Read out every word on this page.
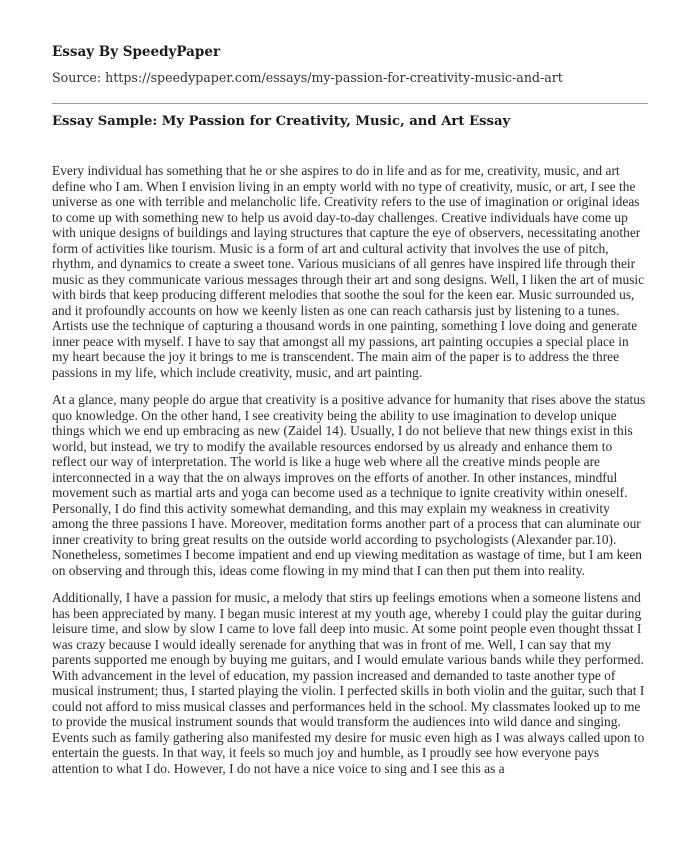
Essay By SpeedyPaper
Source: https://speedypaper.com/essays/my-passion-for-creativity-music-and-art
Essay Sample: My Passion for Creativity, Music, and Art Essay

Every individual has something that he or she aspires to do in life and as for me, creativity, music, and art define who I am. When I envision living in an empty world with no type of creativity, music, or art, I see the universe as one with terrible and melancholic life. Creativity refers to the use of imagination or original ideas to come up with something new to help us avoid day-to-day challenges. Creative individuals have come up with unique designs of buildings and laying structures that capture the eye of observers, necessitating another form of activities like tourism. Music is a form of art and cultural activity that involves the use of pitch, rhythm, and dynamics to create a sweet tone. Various musicians of all genres have inspired life through their music as they communicate various messages through their art and song designs. Well, I liken the art of music with birds that keep producing different melodies that soothe the soul for the keen ear. Music surrounded us, and it profoundly accounts on how we keenly listen as one can reach catharsis just by listening to a tunes. Artists use the technique of capturing a thousand words in one painting, something I love doing and generate inner peace with myself. I have to say that amongst all my passions, art painting occupies a special place in my heart because the joy it brings to me is transcendent. The main aim of the paper is to address the three passions in my life, which include creativity, music, and art painting.

At a glance, many people do argue that creativity is a positive advance for humanity that rises above the status quo knowledge. On the other hand, I see creativity being the ability to use imagination to develop unique things which we end up embracing as new (Zaidel 14). Usually, I do not believe that new things exist in this world, but instead, we try to modify the available resources endorsed by us already and enhance them to reflect our way of interpretation. The world is like a huge web where all the creative minds people are interconnected in a way that the on always improves on the efforts of another. In other instances, mindful movement such as martial arts and yoga can become used as a technique to ignite creativity within oneself. Personally, I do find this activity somewhat demanding, and this may explain my weakness in creativity among the three passions I have. Moreover, meditation forms another part of a process that can aluminate our inner creativity to bring great results on the outside world according to psychologists (Alexander par.10). Nonetheless, sometimes I become impatient and end up viewing meditation as wastage of time, but I am keen on observing and through this, ideas come flowing in my mind that I can then put them into reality.

Additionally, I have a passion for music, a melody that stirs up feelings emotions when a someone listens and has been appreciated by many. I began music interest at my youth age, whereby I could play the guitar during leisure time, and slow by slow I came to love fall deep into music. At some point people even thought thssat I was crazy because I would ideally serenade for anything that was in front of me. Well, I can say that my parents supported me enough by buying me guitars, and I would emulate various bands while they performed. With advancement in the level of education, my passion increased and demanded to taste another type of musical instrument; thus, I started playing the violin. I perfected skills in both violin and the guitar, such that I could not afford to miss musical classes and performances held in the school. My classmates looked up to me to provide the musical instrument sounds that would transform the audiences into wild dance and singing. Events such as family gathering also manifested my desire for music even high as I was always called upon to entertain the guests. In that way, it feels so much joy and humble, as I proudly see how everyone pays attention to what I do. However, I do not have a nice voice to sing and I see this as a
